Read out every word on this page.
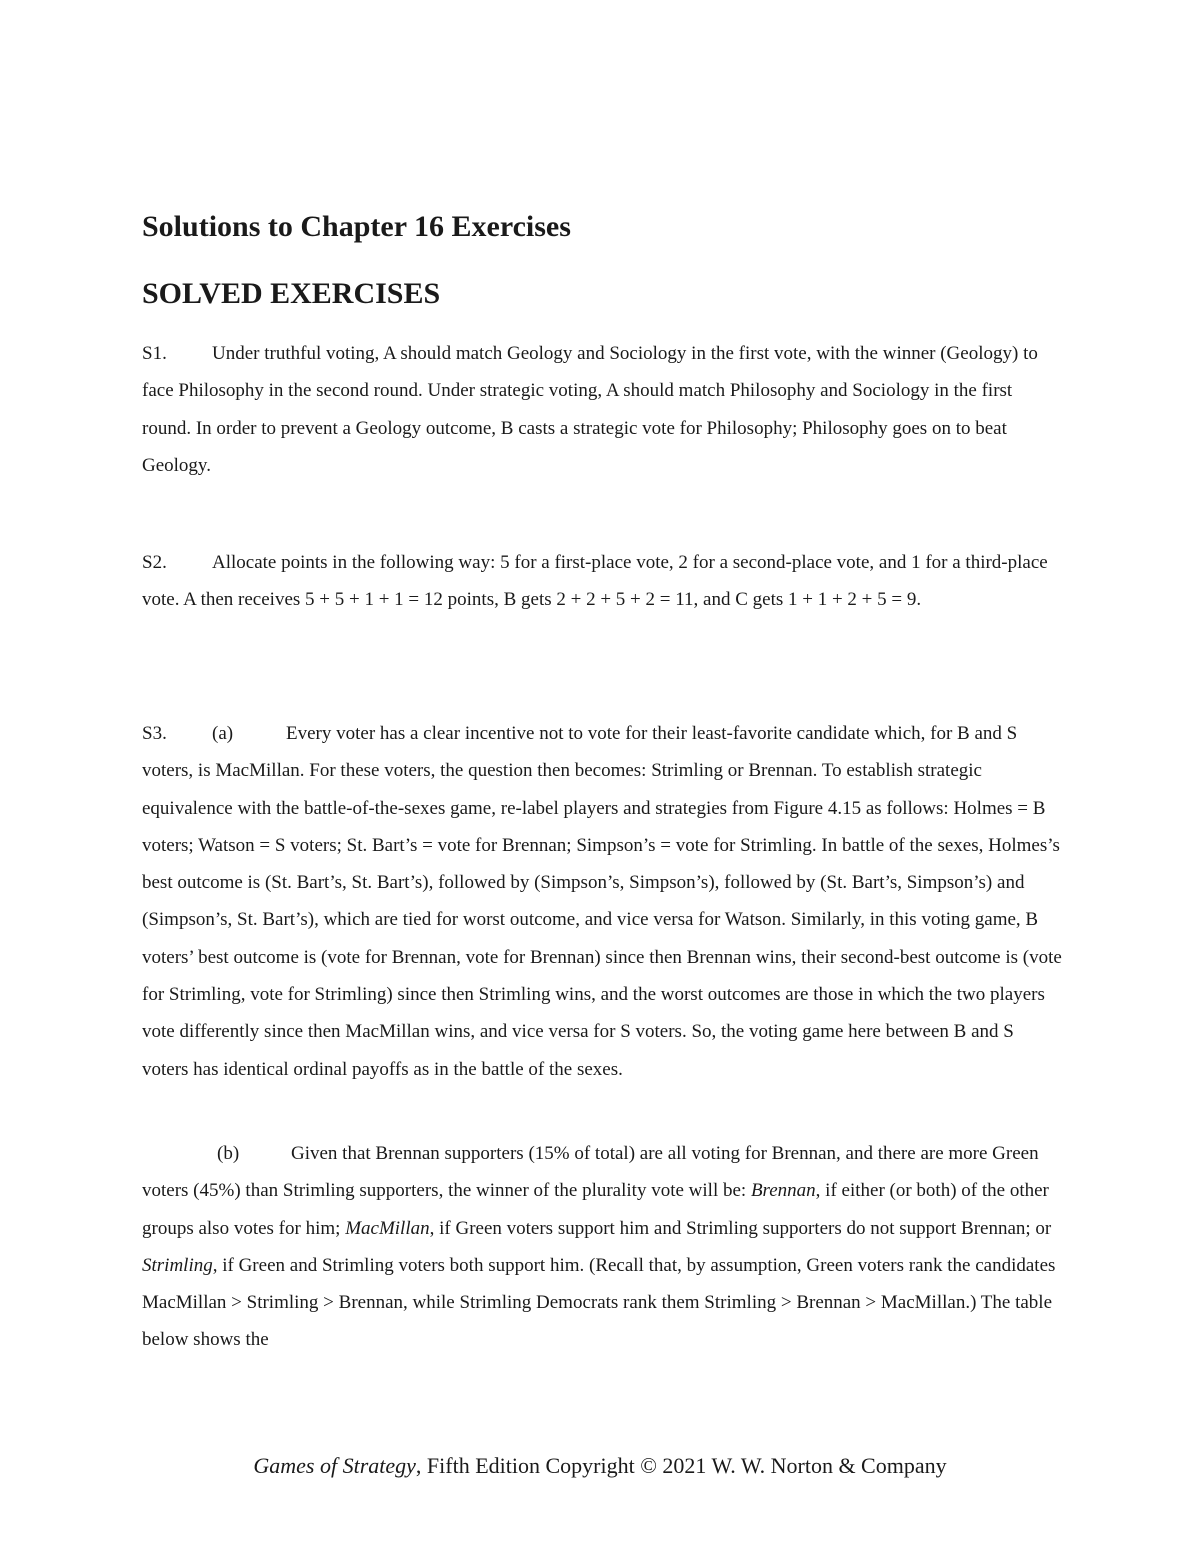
Solutions to Chapter 16 Exercises
SOLVED EXERCISES

S1. Under truthful voting, A should match Geology and Sociology in the first vote, with the winner (Geology) to face Philosophy in the second round. Under strategic voting, A should match Philosophy and Sociology in the first round. In order to prevent a Geology outcome, B casts a strategic vote for Philosophy; Philosophy goes on to beat Geology.

S2. Allocate points in the following way: 5 for a first-place vote, 2 for a second-place vote, and 1 for a third-place vote. A then receives 5 + 5 + 1 + 1 = 12 points, B gets 2 + 2 + 5 + 2 = 11, and C gets 1 + 1 + 2 + 5 = 9.

S3. (a)	Every voter has a clear incentive not to vote for their least-favorite candidate which, for B and S voters, is MacMillan. For these voters, the question then becomes: Strimling or Brennan. To establish strategic equivalence with the battle-of-the-sexes game, re-label players and strategies from Figure 4.15 as follows: Holmes = B voters; Watson = S voters; St. Bart’s = vote for Brennan; Simpson’s = vote for Strimling. In battle of the sexes, Holmes’s best outcome is (St. Bart’s, St. Bart’s), followed by (Simpson’s, Simpson’s), followed by (St. Bart’s, Simpson’s) and (Simpson’s, St. Bart’s), which are tied for worst outcome, and vice versa for Watson. Similarly, in this voting game, B voters’ best outcome is (vote for Brennan, vote for Brennan) since then Brennan wins, their second-best outcome is (vote for Strimling, vote for Strimling) since then Strimling wins, and the worst outcomes are those in which the two players vote differently since then MacMillan wins, and vice versa for S voters. So, the voting game here between B and S voters has identical ordinal payoffs as in the battle of the sexes.

(b)	Given that Brennan supporters (15% of total) are all voting for Brennan, and there are more Green voters (45%) than Strimling supporters, the winner of the plurality vote will be: Brennan, if either (or both) of the other groups also votes for him; MacMillan, if Green voters support him and Strimling supporters do not support Brennan; or Strimling, if Green and Strimling voters both support him. (Recall that, by assumption, Green voters rank the candidates MacMillan > Strimling > Brennan, while Strimling Democrats rank them Strimling > Brennan > MacMillan.) The table below shows the

Games of Strategy, Fifth Edition Copyright © 2021 W. W. Norton & Company
